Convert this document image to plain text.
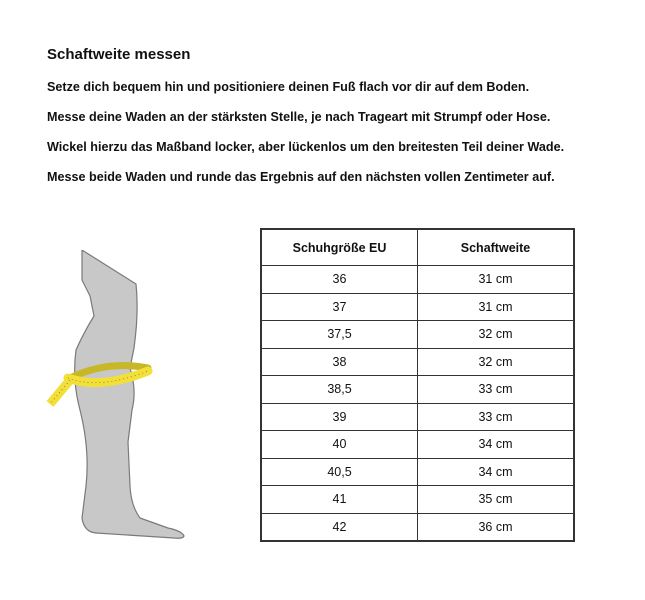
Schaftweite messen
Setze dich bequem hin und positioniere deinen Fuß flach vor dir auf dem Boden.
Messe deine Waden an der stärksten Stelle, je nach Trageart mit Strumpf oder Hose.
Wickel hierzu das Maßband locker, aber lückenlos um den breitesten Teil deiner Wade.
Messe beide Waden und runde das Ergebnis auf den nächsten vollen Zentimeter auf.
Schuhgröße EU	Schaftweite
36	31 cm
37	31 cm
37,5	32 cm
38	32 cm
38,5	33 cm
39	33 cm
40	34 cm
40,5	34 cm
41	35 cm
42	36 cm
